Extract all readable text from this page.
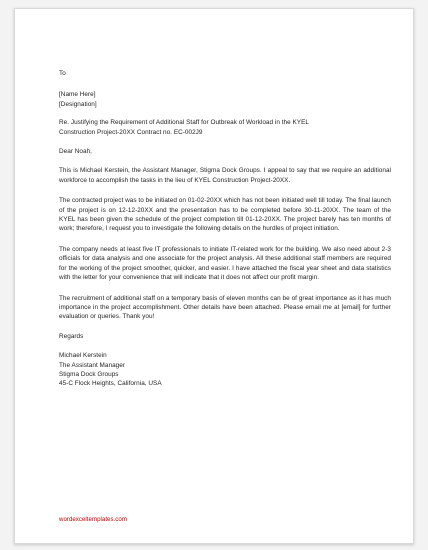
To
[Name Here]
[Designation]
Re. Justifying the Requirement of Additional Staff for Outbreak of Workload in the KYEL
Construction Project-20XX Contract no. EC-002J9
Dear Noah,

This is Michael Kerstein, the Assistant Manager, Stigma Dock Groups. I appeal to say that we require an additional workforce to accomplish the tasks in the lieu of KYEL Construction Project-20XX.

The contracted project was to be initiated on 01-02-20XX which has not been initiated well till today. The final launch of the project is on 12-12-20XX and the presentation has to be completed before 30-11-20XX. The team of the KYEL has been given the schedule of the project completion till 01-12-20XX. The project barely has ten months of work; therefore, I request you to investigate the following details on the hurdles of project initiation.

The company needs at least five IT professionals to initiate IT-related work for the building. We also need about 2-3 officials for data analysis and one associate for the project analysis. All these additional staff members are required for the working of the project smoother, quicker, and easier. I have attached the fiscal year sheet and data statistics with the letter for your convenience that will indicate that it does not affect our profit margin.

The recruitment of additional staff on a temporary basis of eleven months can be of great importance as it has much importance in the project accomplishment. Other details have been attached. Please email me at [email] for further evaluation or queries. Thank you!

Regards
Michael Kerstein
The Assistant Manager
Stigma Dock Groups
45-C Flock Heights, California, USA
wordexceltemplates.com
